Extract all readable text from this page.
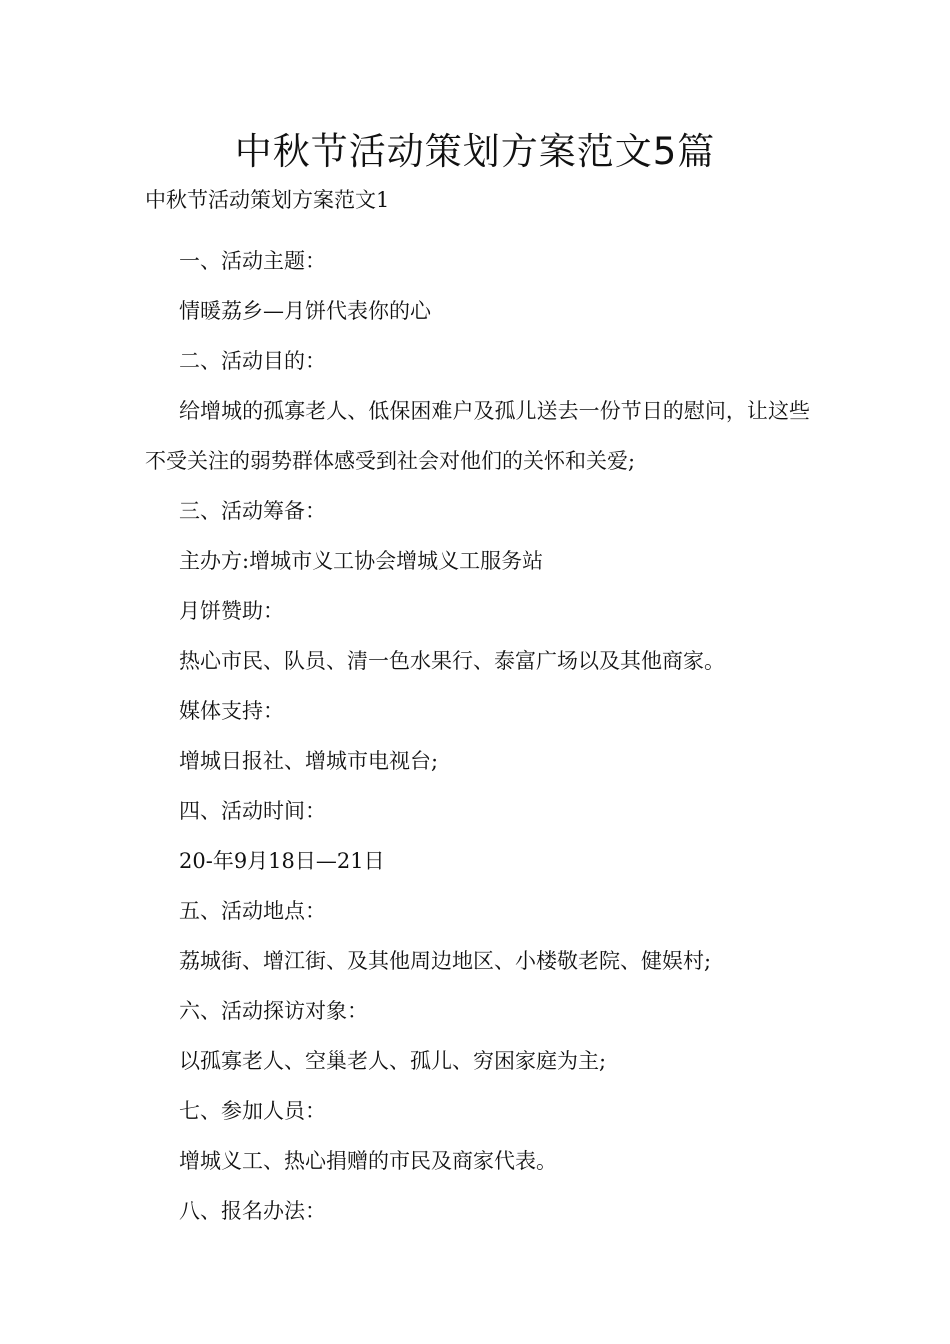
中秋节活动策划方案范文5篇

中秋节活动策划方案范文1

一、活动主题：

情暖荔乡—月饼代表你的心

二、活动目的：

给增城的孤寡老人、低保困难户及孤儿送去一份节日的慰问，让这些不受关注的弱势群体感受到社会对他们的关怀和关爱;

三、活动筹备：

主办方:增城市义工协会增城义工服务站

月饼赞助：

热心市民、队员、清一色水果行、泰富广场以及其他商家。

媒体支持：

增城日报社、增城市电视台;

四、活动时间：

20-年9月18日—21日

五、活动地点：

荔城街、增江街、及其他周边地区、小楼敬老院、健娱村;

六、活动探访对象：

以孤寡老人、空巢老人、孤儿、穷困家庭为主;

七、参加人员：

增城义工、热心捐赠的市民及商家代表。

八、报名办法：
